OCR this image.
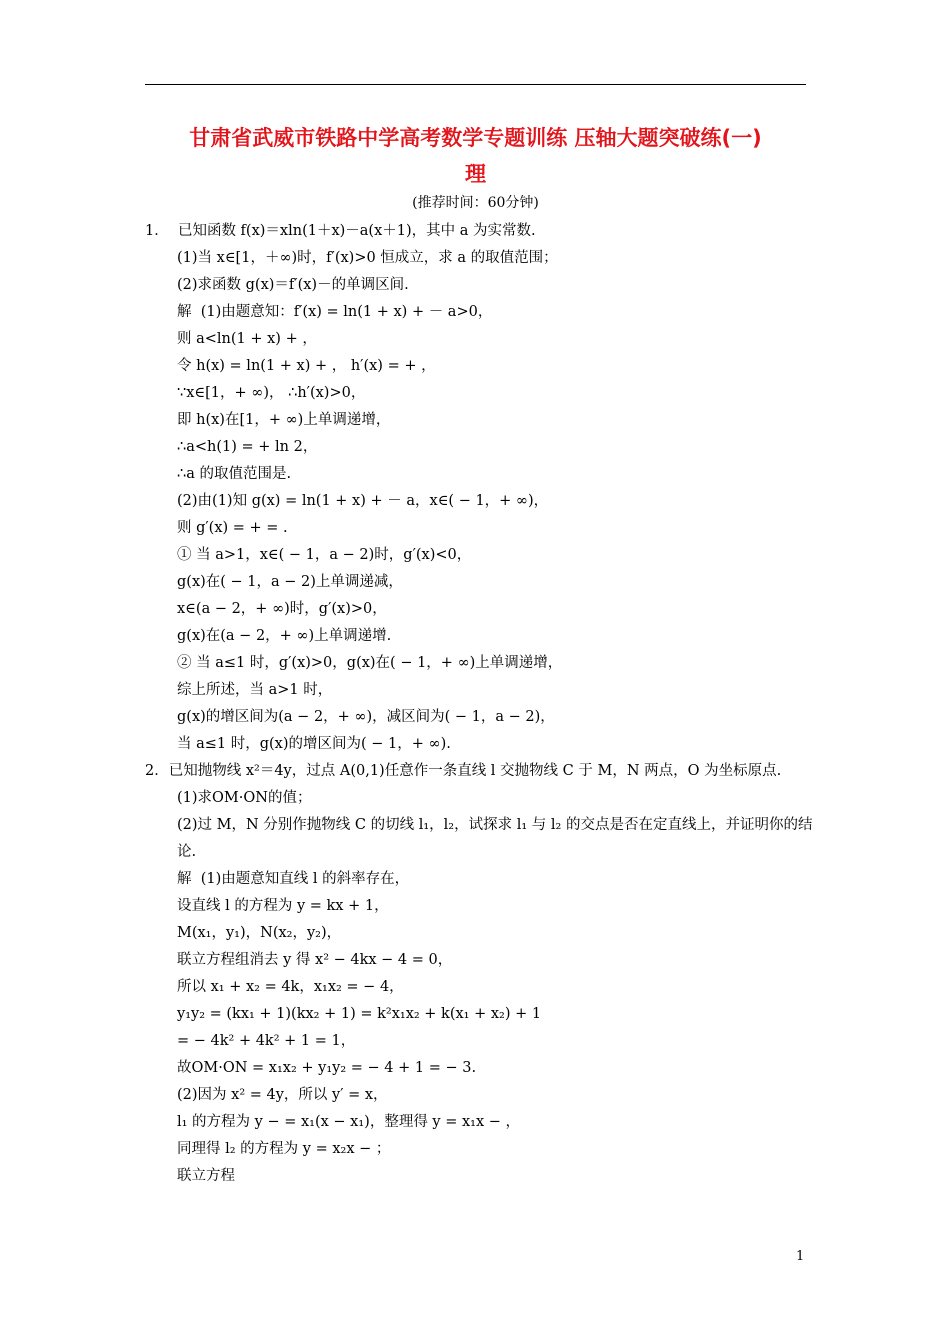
甘肃省武威市铁路中学高考数学专题训练 压轴大题突破练(一)
理
(推荐时间：60分钟)
1．  已知函数 f(x)＝xln(1＋x)－a(x＋1)，其中 a 为实常数.
(1)当 x∈[1，＋∞)时，f′(x)>0 恒成立，求 a 的取值范围；
(2)求函数 g(x)＝f′(x)－的单调区间.
解  (1)由题意知：f′(x) = ln(1 + x) + － a>0，
则 a<ln(1 + x) + ，
令 h(x) = ln(1 + x) + ， h′(x) = + ，
∵x∈[1，+ ∞)， ∴h′(x)>0，
即 h(x)在[1，+ ∞)上单调递增，
∴a<h(1) = + ln 2，
∴a 的取值范围是.
(2)由(1)知 g(x) = ln(1 + x) + － a，x∈( − 1，+ ∞)，
则 g′(x) = + = .
① 当 a>1，x∈( − 1，a − 2)时，g′(x)<0，
g(x)在( − 1，a − 2)上单调递减，
x∈(a − 2，+ ∞)时，g′(x)>0，
g(x)在(a − 2，+ ∞)上单调递增.
② 当 a≤1 时，g′(x)>0，g(x)在( − 1，+ ∞)上单调递增，
综上所述，当 a>1 时，
g(x)的增区间为(a − 2，+ ∞)，减区间为( − 1，a − 2)，
当 a≤1 时，g(x)的增区间为( − 1，+ ∞).
2．已知抛物线 x²＝4y，过点 A(0,1)任意作一条直线 l 交抛物线 C 于 M，N 两点，O 为坐标原点.
(1)求OM·ON的值；
(2)过 M，N 分别作抛物线 C 的切线 l₁，l₂，试探求 l₁ 与 l₂ 的交点是否在定直线上，并证明你的结论.
解  (1)由题意知直线 l 的斜率存在，
设直线 l 的方程为 y = kx + 1，
M(x₁，y₁)，N(x₂，y₂)，
联立方程组消去 y 得 x² − 4kx − 4 = 0，
所以 x₁ + x₂ = 4k，x₁x₂ = − 4，
y₁y₂ = (kx₁ + 1)(kx₂ + 1) = k²x₁x₂ + k(x₁ + x₂) + 1
= − 4k² + 4k² + 1 = 1，
故OM·ON = x₁x₂ + y₁y₂ = − 4 + 1 = − 3.
(2)因为 x² = 4y，所以 y′ = x，
l₁ 的方程为 y − = x₁(x − x₁)，整理得 y = x₁x − ，
同理得 l₂ 的方程为 y = x₂x − ；
联立方程
1
